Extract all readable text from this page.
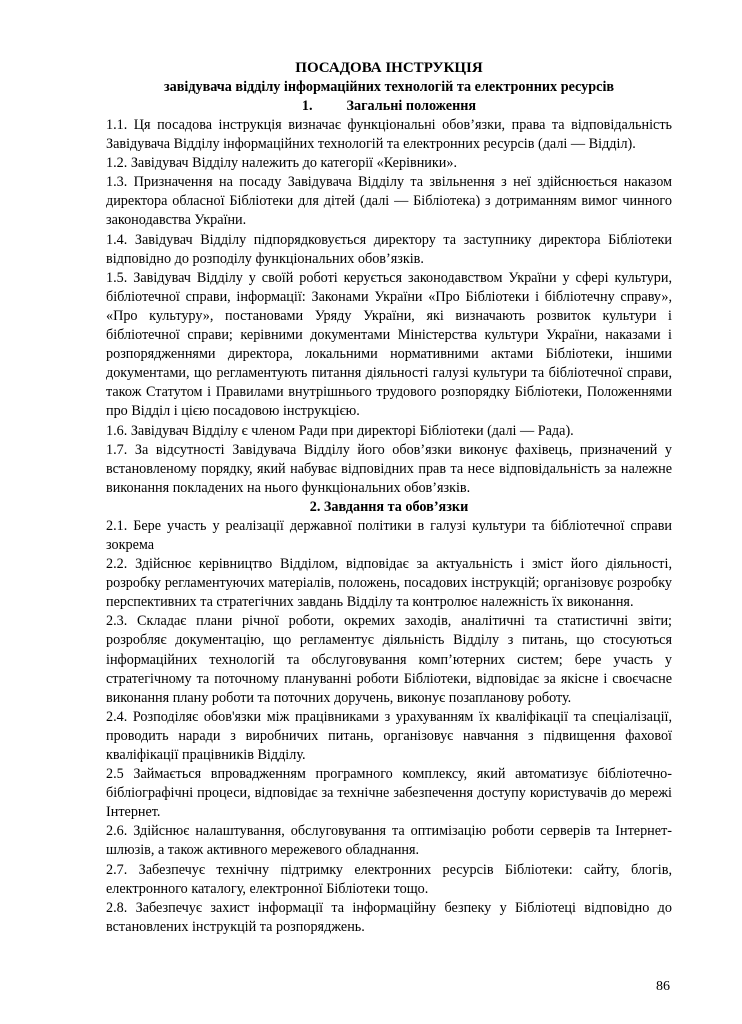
ПОСАДОВА ІНСТРУКЦІЯ
завідувача відділу інформаційних технологій та електронних ресурсів
1. Загальні положення

1.1. Ця посадова інструкція визначає функціональні обов’язки, права та відповідальність Завідувача Відділу інформаційних технологій та електронних ресурсів (далі — Відділ).

1.2. Завідувач Відділу належить до категорії «Керівники».

1.3. Призначення на посаду Завідувача Відділу та звільнення з неї здійснюється наказом директора обласної Бібліотеки для дітей (далі — Бібліотека) з дотриманням вимог чинного законодавства України.

1.4. Завідувач Відділу підпорядковується директору та заступнику директора Бібліотеки відповідно до розподілу функціональних обов’язків.

1.5. Завідувач Відділу у своїй роботі керується законодавством України у сфері культури, бібліотечної справи, інформації: Законами України «Про Бібліотеки і бібліотечну справу», «Про культуру», постановами Уряду України, які визначають розвиток культури і бібліотечної справи; керівними документами Міністерства культури України, наказами і розпорядженнями директора, локальними нормативними актами Бібліотеки, іншими документами, що регламентують питання діяльності галузі культури та бібліотечної справи, також Статутом і Правилами внутрішнього трудового розпорядку Бібліотеки, Положеннями про Відділ і цією посадовою інструкцією.

1.6. Завідувач Відділу є членом Ради при директорі Бібліотеки (далі — Рада).

1.7. За відсутності Завідувача Відділу його обов’язки виконує фахівець, призначений у встановленому порядку, який набуває відповідних прав та несе відповідальність за належне виконання покладених на нього функціональних обов’язків.

2. Завдання та обов’язки

2.1. Бере участь у реалізації державної політики в галузі культури та бібліотечної справи зокрема

2.2. Здійснює керівництво Відділом, відповідає за актуальність і зміст його діяльності, розробку регламентуючих матеріалів, положень, посадових інструкцій; організовує розробку перспективних та стратегічних завдань Відділу та контролює належність їх виконання.

2.3. Складає плани річної роботи, окремих заходів, аналітичні та статистичні звіти; розробляє документацію, що регламентує діяльність Відділу з питань, що стосуються інформаційних технологій та обслуговування комп’ютерних систем; бере участь у стратегічному та поточному плануванні роботи Бібліотеки, відповідає за якісне і своєчасне виконання плану роботи та поточних доручень, виконує позапланову роботу.

2.4. Розподіляє обов'язки між працівниками з урахуванням їх кваліфікації та спеціалізації, проводить наради з виробничих питань, організовує навчання з підвищення фахової кваліфікації працівників Відділу.

2.5 Займається впровадженням програмного комплексу, який автоматизує бібліотечно-бібліографічні процеси, відповідає за технічне забезпечення доступу користувачів до мережі Інтернет.

2.6. Здійснює налаштування, обслуговування та оптимізацію роботи серверів та Інтернет-шлюзів, а також активного мережевого обладнання.

2.7. Забезпечує технічну підтримку електронних ресурсів Бібліотеки: сайту, блогів, електронного каталогу, електронної Бібліотеки тощо.

2.8. Забезпечує захист інформації та інформаційну безпеку у Бібліотеці відповідно до встановлених інструкцій та розпоряджень.

86
